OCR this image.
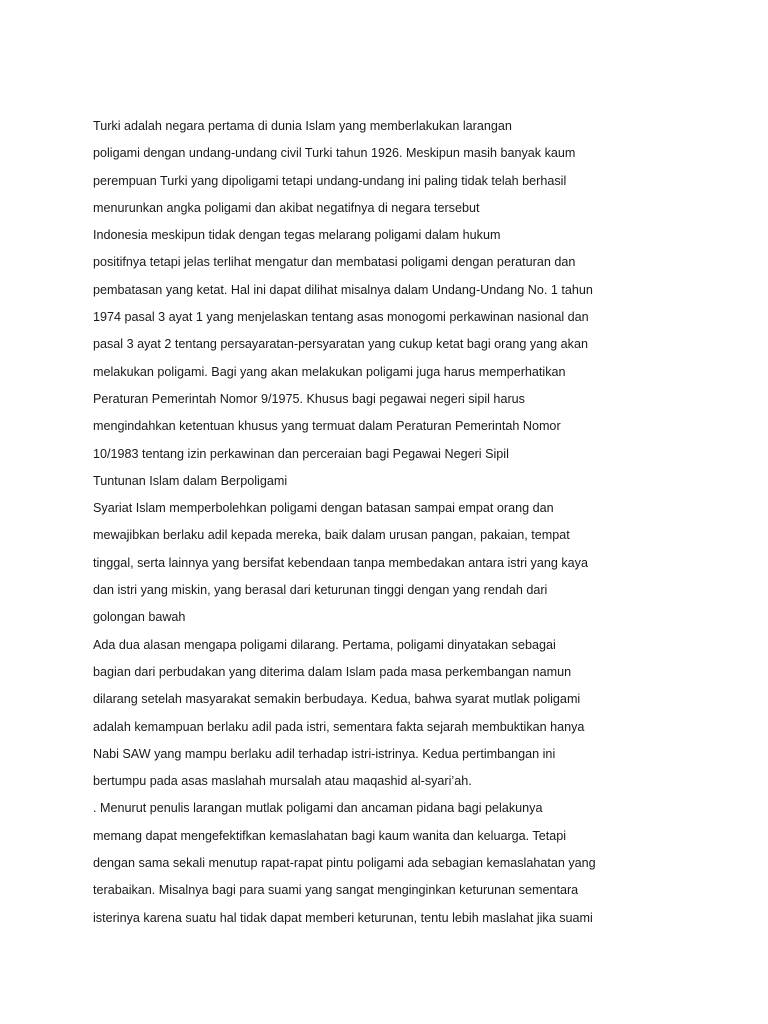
Turki adalah negara pertama di dunia Islam yang memberlakukan larangan
poligami dengan undang-undang civil Turki tahun 1926. Meskipun masih banyak kaum
perempuan Turki yang dipoligami tetapi undang-undang ini paling tidak telah berhasil
menurunkan angka poligami dan akibat negatifnya di negara tersebut
Indonesia meskipun tidak dengan tegas melarang poligami dalam hukum
positifnya tetapi jelas terlihat mengatur dan membatasi poligami dengan peraturan dan
pembatasan yang ketat. Hal ini dapat dilihat misalnya dalam Undang-Undang No. 1 tahun
1974 pasal 3 ayat 1 yang menjelaskan tentang asas monogomi perkawinan nasional dan
pasal 3 ayat 2 tentang persayaratan-persyaratan yang cukup ketat bagi orang yang akan
melakukan poligami. Bagi yang akan melakukan poligami juga harus memperhatikan
Peraturan Pemerintah Nomor 9/1975. Khusus bagi pegawai negeri sipil harus
mengindahkan ketentuan khusus yang termuat dalam Peraturan Pemerintah Nomor
10/1983 tentang izin perkawinan dan perceraian bagi Pegawai Negeri Sipil
Tuntunan Islam dalam Berpoligami
Syariat Islam memperbolehkan poligami dengan batasan sampai empat orang dan
mewajibkan berlaku adil kepada mereka, baik dalam urusan pangan, pakaian, tempat
tinggal, serta lainnya yang bersifat kebendaan tanpa membedakan antara istri yang kaya
dan istri yang miskin, yang berasal dari keturunan tinggi dengan yang rendah dari
golongan bawah
Ada dua alasan mengapa poligami dilarang. Pertama, poligami dinyatakan sebagai
bagian dari perbudakan yang diterima dalam Islam pada masa perkembangan namun
dilarang setelah masyarakat semakin berbudaya. Kedua, bahwa syarat mutlak poligami
adalah kemampuan berlaku adil pada istri, sementara fakta sejarah membuktikan hanya
Nabi SAW yang mampu berlaku adil terhadap istri-istrinya. Kedua pertimbangan ini
bertumpu pada asas maslahah mursalah atau maqashid al-syari’ah.
. Menurut penulis larangan mutlak poligami dan ancaman pidana bagi pelakunya
memang dapat mengefektifkan kemaslahatan bagi kaum wanita dan keluarga. Tetapi
dengan sama sekali menutup rapat-rapat pintu poligami ada sebagian kemaslahatan yang
terabaikan. Misalnya bagi para suami yang sangat menginginkan keturunan sementara
isterinya karena suatu hal tidak dapat memberi keturunan, tentu lebih maslahat jika suami
